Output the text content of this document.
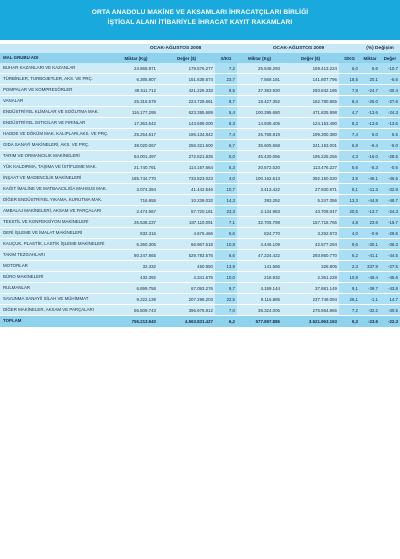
ORTA ANADOLU MAKİNE VE AKSAMLARI İHRACATÇILARI BİRLİĞİ
İŞTİGAL ALANI İTİBARİYLE İHRACAT KAYIT RAKAMLARI
	OCAK-AĞUSTOS 2008			OCAK-AĞUSTOS 2009			(%) Değişim	
MAL GRUBU ADI	Miktar (Kg)	Değer ($)	S/KG	Miktar (Kg)	Değer ($)	S/KG	Miktar	Değer
BUHAR KAZANLARI VE KAZANLAR	24.865.971	179.576.277	7,2	25.548.293	159.413.224	6,0	6.6	-10.7
TÜRBİNLER, TURBOJETLER, AKS. VE PRÇ.	6.385.807	151.638.574	23,7	7.568.181	141.807.796	18,5	20.1	-6.6
POMPALAR VE KOMPRESÖRLER	49.511.712	421.226.333	8,5	37.393.930	293.842.186	7,9	-24.7	-30.4
VANALAR	25.316.579	224.729.661	8,7	18.427.352	162.780.865	8,4	-25.0	-27.6
ENDÜSTRİYEL KLİMALAR VE SOĞUTMA MAK.	116.177.295	623.385.689	5,4	100.395.680	471.825.998	4,7	-13.6	-24.3
ENDÜSTRİYEL ISITICILAR VE FIRINLAR	17.363.542	143.689.000	8,3	14.938.405	124.153.490	8,3	-13.6	-13.6
HADDE VE DÖKÜM MAK. KALIPLARI,AKS. VE PRÇ.	25.254.617	186.134.842	7,4	26.768.919	199.300.380	7,4	6.0	6.5
GIDA SANAYİ MAKİNELERİ, AKS. VE PRÇ.	38.020.067	256.321.600	6,7	35.605.568	241.163.001	6,8	-6.4	-6.0
TARIM VE ORMANCILIK MAKİNELERİ	54.001.497	272.821.835	5,0	45.430.056	195.225.256	4,3	-16.0	-28.5
YÜK KALDIRMA, TAŞIMA VE İSTİFLEME MAK.	21.740.761	114.167.664	5,3	20.572.020	113.476.227	5,6	-5.3	-0.6
İNŞAAT VE MADENCİLİK MAKİNELERİ	185.744.770	733.823.023	4,0	100.162.613	392.150.020	3,9	-46.1	-46.6
KAĞIT İMALİNE VE MATBAACILIĞA MAHSUS MAK.	3.074.394	41.442.546	10,7	3.413.422	27.930.971	8,1	-11.3	-32.9
DİĞER ENDÜSTRİYEL YIKAMA, KURUTMA MAK.	716.655	10.238.032	14,3	393.252	5.247.356	13,3	-44.8	-48.7
AMBALAJ MAKİNELERİ, AKSAM VE PARÇALARI	2.474.967	57.720.181	23,3	2.134.983	43.708.047	20,5	-13.7	-24.3
TEKSTİL VE KONFEKSİYON MAKİNELERİ	26.538.237	187.110.091	7,1	32.705.798	157.716.766	4,8	23.6	-15.7
DERİ İŞLEME VE İMALAT MAKİNELERİ	832.316	4.676.466	5,6	824.770	3.292.973	4,0	-0.9	-29.6
KAUÇUK, PLASTİK, LASTİK İŞLEME MAKİNELERİ	6.360.305	66.967.618	10,8	4.446.109	42.577.294	9,6	-30.1	-36.3
TAKIM TEZGAHLARI	80.247.865	529.783.576	6,6	47.234.422	293.860.770	6,2	-41.1	-44.5
MOTORLAR	32.332	450.850	13,9	141.566	326.805	2,3	337.9	-27.5
BÜRO MAKİNELERİ	432.392	4.341.675	10,0	218.932	2.361.228	10,8	-49.4	-45.6
RULMANLAR	6.899.758	67.093.276	9,7	4.159.144	37.681.149	9,1	-39.7	-43.8
SAVUNMA SANAYİİ SİLAH VE MÜHİMMAT	9.222.139	207.298.203	22,5	9.116.885	237.749.094	26,1	-1.1	14.7
DİĞER MAKİNELER, AKSAM VE PARÇALARI	56.509.743	396.976.912	7,0	38.324.006	275.864.866	7,2	-32.2	-30.5
TOPLAM	756.213.940	4.663.831.427	6,2	577.867.886	3.621.963.163	6,3	-23.6	-22.3
